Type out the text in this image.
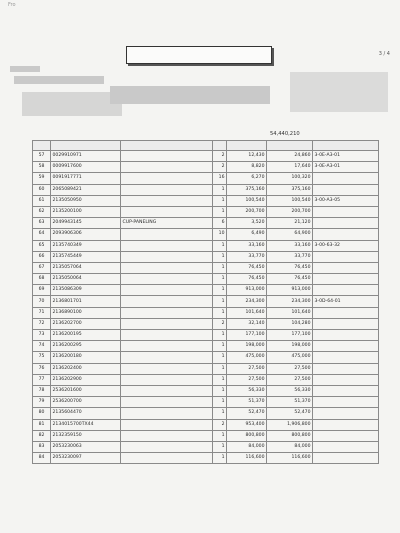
Fro
3 / 4
54,440,210

57	0029910971		2	12,430	24,860	3-0E-A3-01
58	0009917600		2	8,820	17,640	3-0E-A3-01
59	0091917771		16	6,270	100,320	
60	2065089421		1	375,160	375,160	
61	2135050950		1	100,540	100,540	3-00-A3-05
62	2135200100		1	200,700	200,700	
63	2049943145	CUP-PANELING	6	3,520	21,120	
64	2093906306		10	6,490	64,900	
65	2135740349		1	33,160	33,160	3-00-63-32
66	2135745449		1	33,770	33,770	
67	2135057064		1	76,450	76,450	
68	2135050064		1	76,450	76,450	
69	2135086309		1	913,000	913,000	
70	2136801701		1	234,300	234,300	3-0D-64-01
71	2136890100		1	101,640	101,640	
72	2136202700		2	32,140	104,280	
73	2136200195		1	177,100	177,100	
74	2136200295		1	198,000	198,000	
75	2136200180		1	475,000	475,000	
76	2136202400		1	27,500	27,500	
77	2136202900		1	27,500	27,500	
78	2536201600		1	56,330	56,330	
79	2536200700		1	51,370	51,370	
80	2135604470		1	52,470	52,470	
81	2134015700TX44		2	953,400	1,906,800	
82	2132359150		1	800,800	800,800	
83	2053230063		1	84,000	84,000	
84	2053230097		1	116,600	116,600	
